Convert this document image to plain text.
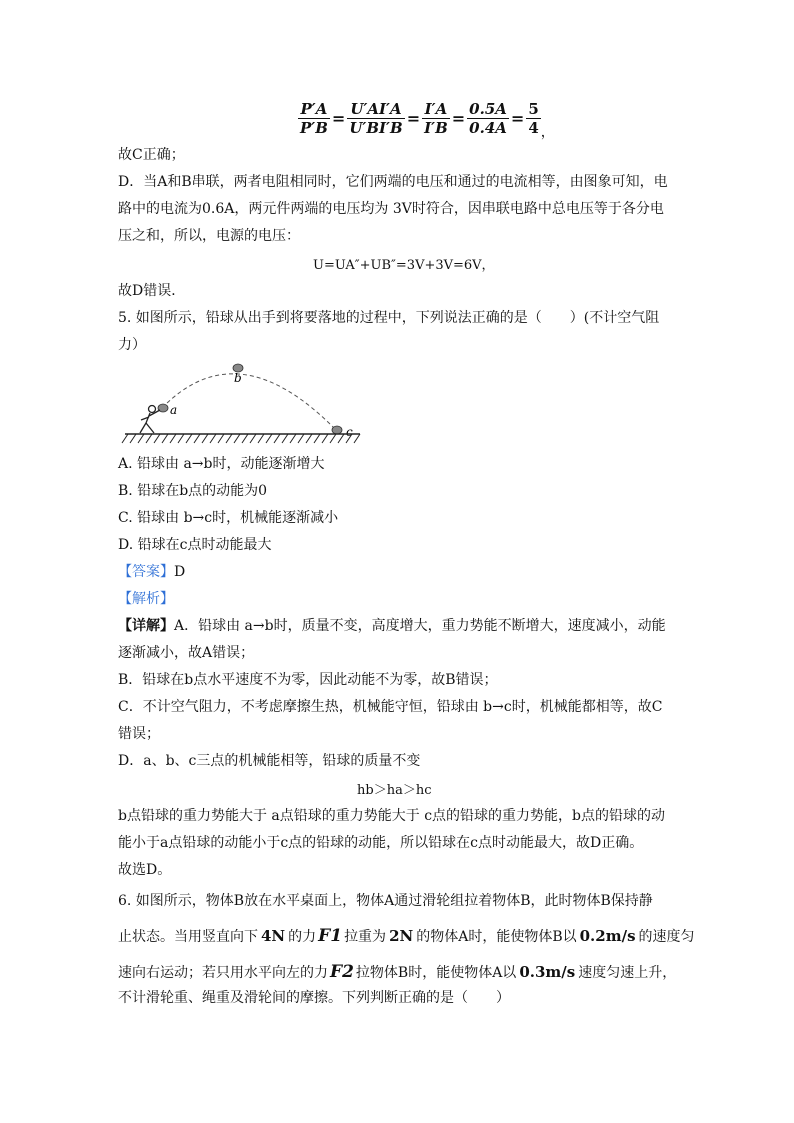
$\frac{P'A}{P'B} = \frac{U'AI'A}{U'BI'B} = \frac{I'A}{I'B} = \frac{0.5A}{0.4A} = \frac{5}{4}$ ，
故C正确；
D．当A和B串联，两者电阻相同时，它们两端的电压和通过的电流相等，由图象可知，电
路中的电流为0.6A，两元件两端的电压均为 3V时符合，因串联电路中总电压等于各分电
压之和，所以，电源的电压：
U=UA″+UB″=3V+3V=6V，
故D错误．
5. 如图所示，铅球从出手到将要落地的过程中，下列说法正确的是（　　）(不计空气阻
力）
a
b
c
A. 铅球由 a→b时，动能逐渐增大
B. 铅球在b点的动能为0
C. 铅球由 b→c时，机械能逐渐减小
D. 铅球在c点时动能最大
【答案】D
【解析】
【详解】A．铅球由 a→b时，质量不变，高度增大，重力势能不断增大，速度减小，动能
逐渐减小，故A错误；
B．铅球在b点水平速度不为零，因此动能不为零，故B错误；
C．不计空气阻力，不考虑摩擦生热，机械能守恒，铅球由 b→c时，机械能都相等，故C
错误；
D．a、b、c三点的机械能相等，铅球的质量不变
hb＞ha＞hc
b点铅球的重力势能大于 a点铅球的重力势能大于 c点的铅球的重力势能，b点的铅球的动
能小于a点铅球的动能小于c点的铅球的动能，所以铅球在c点时动能最大，故D正确。
故选D。
6. 如图所示，物体B放在水平桌面上，物体A通过滑轮组拉着物体B，此时物体B保持静
止状态。当用竖直向下 4N 的力 F1 拉重为 2N 的物体A时，能使物体B以 0.2m/s 的速度匀
速向右运动；若只用水平向左的力 F2 拉物体B时，能使物体A以 0.3m/s 速度匀速上升，
不计滑轮重、绳重及滑轮间的摩擦。下列判断正确的是（　　）
